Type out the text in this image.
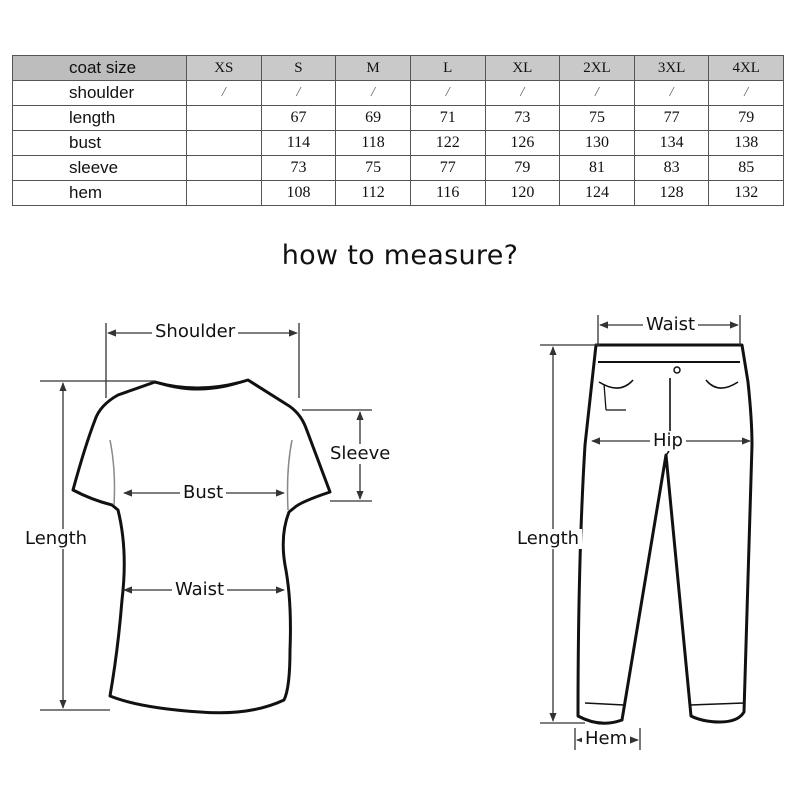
coat size	XS	S	M	L	XL	2XL	3XL	4XL
shoulder	/	/	/	/	/	/	/	/
length		67	69	71	73	75	77	79
bust		114	118	122	126	130	134	138
sleeve		73	75	77	79	81	83	85
hem		108	112	116	120	124	128	132
how to measure?
Shoulder
Sleeve
Bust
Length
Waist
Waist
Hip
Length
Hem
